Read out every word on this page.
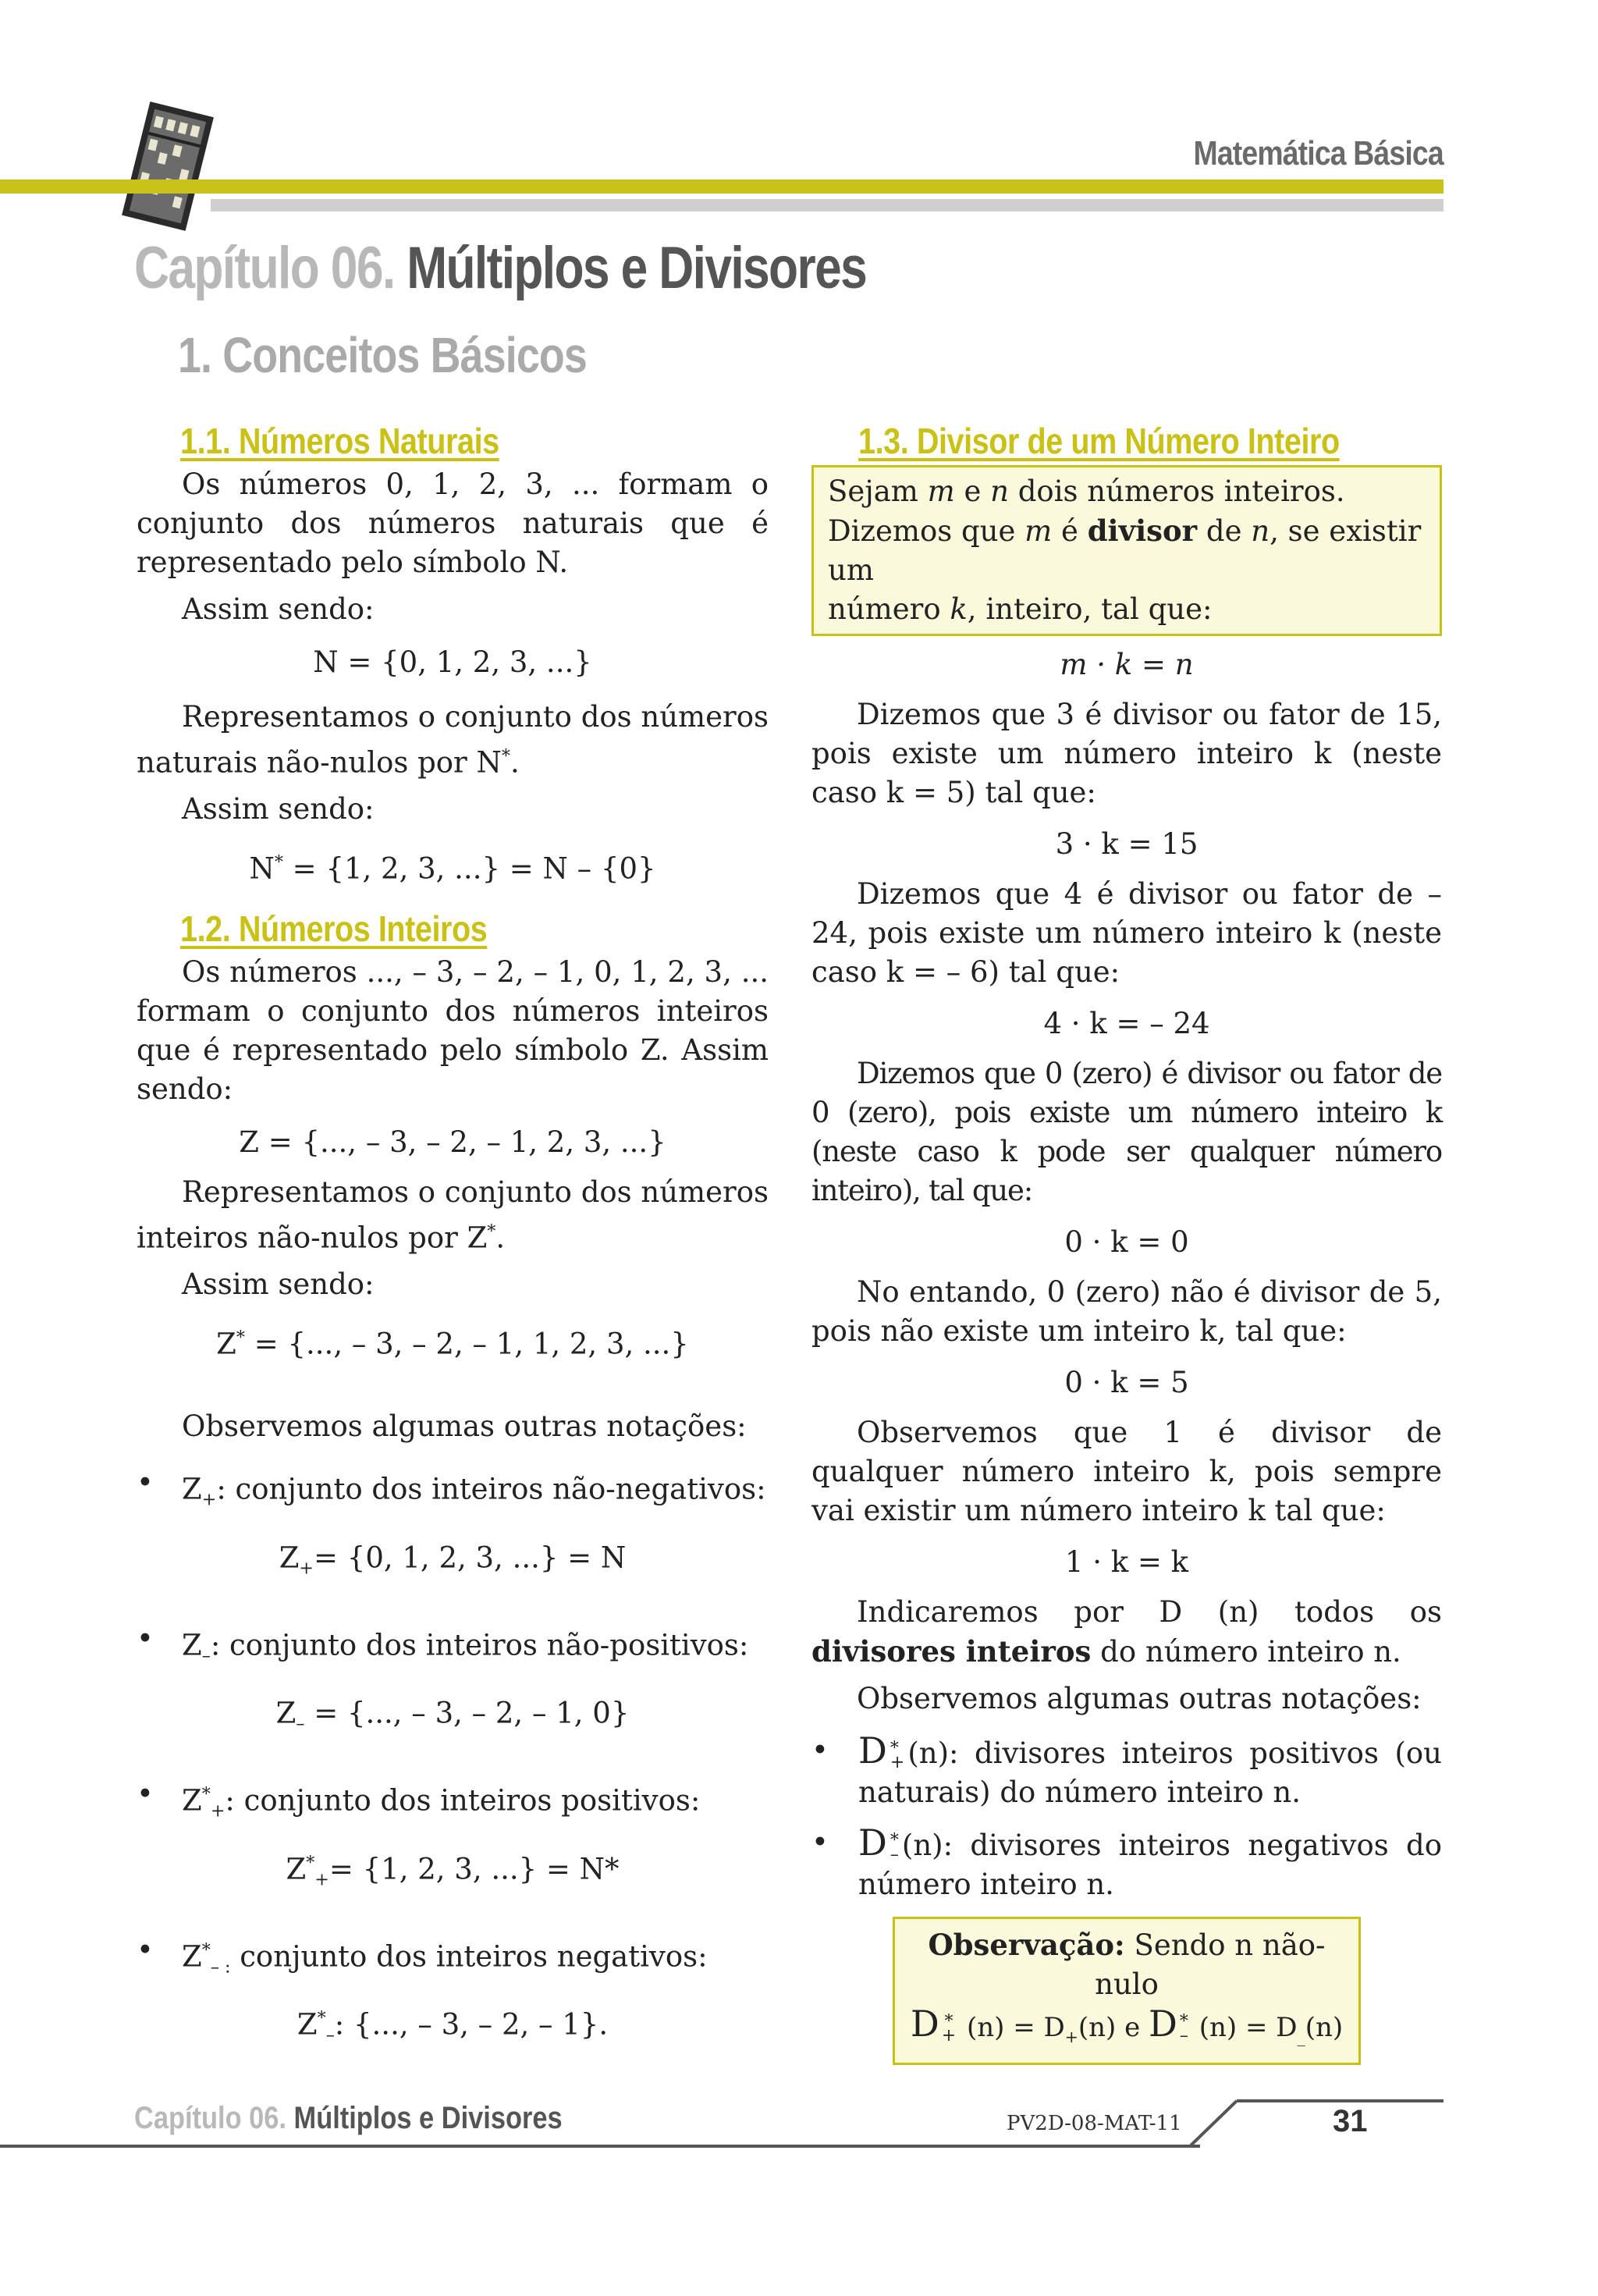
Matemática Básica
Capítulo 06. Múltiplos e Divisores
1. Conceitos Básicos
1.1. Números Naturais

Os números 0, 1, 2, 3, ... formam o conjunto dos números naturais que é representado pelo símbolo N.

Assim sendo:

N = {0, 1, 2, 3, ...}

Representamos o conjunto dos números naturais não-nulos por N*.

Assim sendo:

N* = {1, 2, 3, ...} = N – {0}
1.2. Números Inteiros

Os números ..., – 3, – 2, – 1, 0, 1, 2, 3, ... formam o conjunto dos números inteiros que é representado pelo símbolo Z. Assim sendo:

Z = {..., – 3, – 2, – 1, 2, 3, ...}

Representamos o conjunto dos números inteiros não-nulos por Z*.

Assim sendo:

Z* = {..., – 3, – 2, – 1, 1, 2, 3, ...}

Observemos algumas outras notações:

• $Z_+$: conjunto dos inteiros não-negativos:

$Z_+= \{0$, 1, 2, 3, ...} = N
• $Z_-$: conjunto dos inteiros não-positivos:

$Z_-$ = {..., – 3, – 2, – 1, 0}
• $Z^*_+$: conjunto dos inteiros positivos:

$Z^*_+= \{1$, 2, 3, ...} = N*
• $Z^*_{- :}$ conjunto dos inteiros negativos:

$Z^*_-$: {..., – 3, – 2, – 1}.
1.3. Divisor de um Número Inteiro
Sejam m e n dois números inteiros.
Dizemos que m é divisor de n, se existir um
número k, inteiro, tal que:
m · k = n

Dizemos que 3 é divisor ou fator de 15, pois existe um número inteiro k (neste caso k = 5) tal que:

3 · k = 15

Dizemos que 4 é divisor ou fator de – 24, pois existe um número inteiro k (neste caso k = – 6) tal que:

4 · k = – 24

Dizemos que 0 (zero) é divisor ou fator de 0 (zero), pois existe um número inteiro k (neste caso k pode ser qualquer número inteiro), tal que:

0 · k = 0

No entando, 0 (zero) não é divisor de 5, pois não existe um inteiro k, tal que:

0 · k = 5

Observemos que 1 é divisor de qualquer número inteiro k, pois sempre vai existir um número inteiro k tal que:

1 · k = k

Indicaremos por D (n) todos os divisores inteiros do número inteiro n.

Observemos algumas outras notações:

• D *
+ (n): divisores inteiros positivos (ou naturais) do número inteiro n.

• D *
– (n): divisores inteiros negativos do número inteiro n.

Observação: Sendo n não-nulo
D *
+ $(n) = D_+(n)$ e D *
– $(n) = D_{\_}(n)$
Capítulo 06. Múltiplos e Divisores	PV2D-08-MAT-11	31
